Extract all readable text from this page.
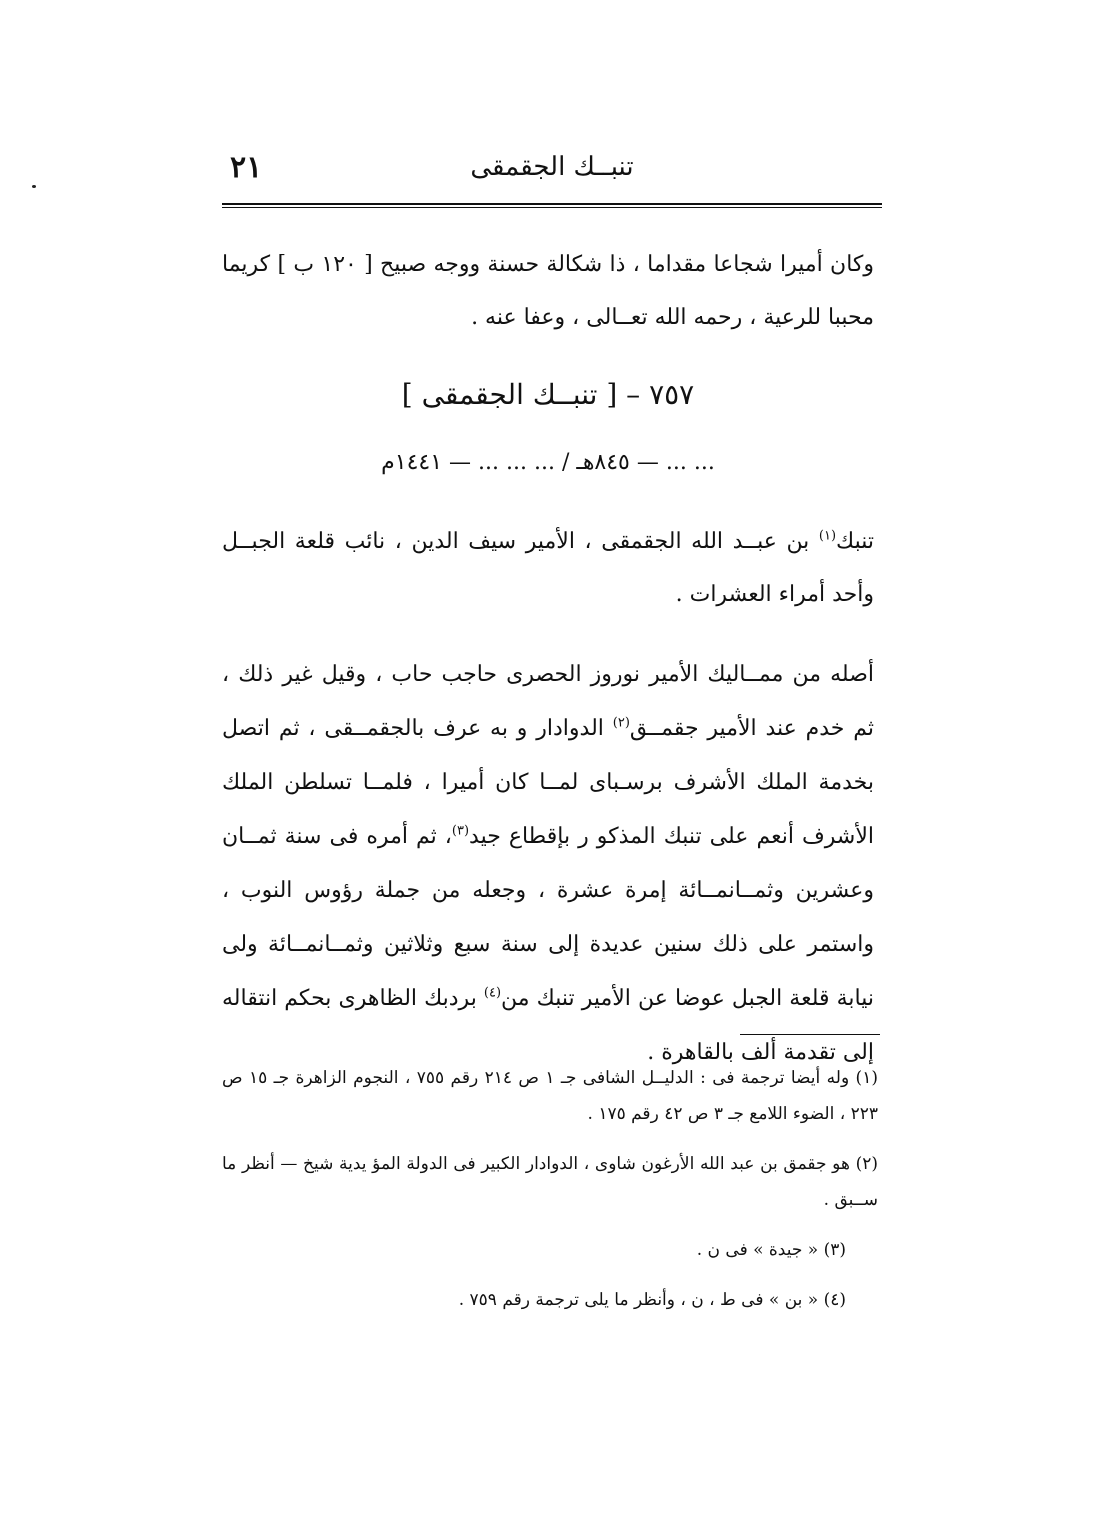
تنبــك الجقمقى
٢١

وكان أميرا شجاعا مقداما ، ذا شكالة حسنة ووجه صبيح [ ١٢٠ ب ] كريما محببا للرعية ، رحمه الله تعــالى ، وعفا عنه .

٧٥٧ – [ تنبــك الجقمقى ]
... ... — ٨٤٥هـ / ... ... ... — ١٤٤١م

تنبك$^{(١)}$ بن عبــد الله الجقمقى ، الأمير سيف الدين ، نائب قلعة الجبــل وأحد أمراء العشرات .

أصله من ممــاليك الأمير نوروز الحصرى حاجب حاب ، وقيل غير ذلك ، ثم خدم عند الأمير جقمــق$^{(٢)}$ الدوادار و به عرف بالجقمــقى ، ثم اتصل بخدمة الملك الأشرف برسـباى لمــا كان أميرا ، فلمــا تسلطن الملك الأشرف أنعم على تنبك المذكو ر بإقطاع جيد$^{(٣)}$، ثم أمره فى سنة ثمــان وعشرين وثمــانمــائة إمرة عشرة ، وجعله من جملة رؤوس النوب ، واستمر على ذلك سنين عديدة إلى سنة سبع وثلاثين وثمــانمــائة ولى نيابة قلعة الجبل عوضا عن الأمير تنبك من$^{(٤)}$ بردبك الظاهرى بحكم انتقاله إلى تقدمة ألف بالقاهرة .

(١) وله أيضا ترجمة فى : الدليــل الشافى جـ ١ ص ٢١٤ رقم ٧٥٥ ، النجوم الزاهرة جـ ١٥ ص ٢٢٣ ، الضوء اللامع جـ ٣ ص ٤٢ رقم ١٧٥ .

(٢) هو جقمق بن عبد الله الأرغون شاوى ، الدوادار الكبير فى الدولة المؤ يدية شيخ — أنظر ما ســبق .

(٣) « جيدة » فى ن .

(٤) « بن » فى ط ، ن ، وأنظر ما يلى ترجمة رقم ٧٥٩ .
